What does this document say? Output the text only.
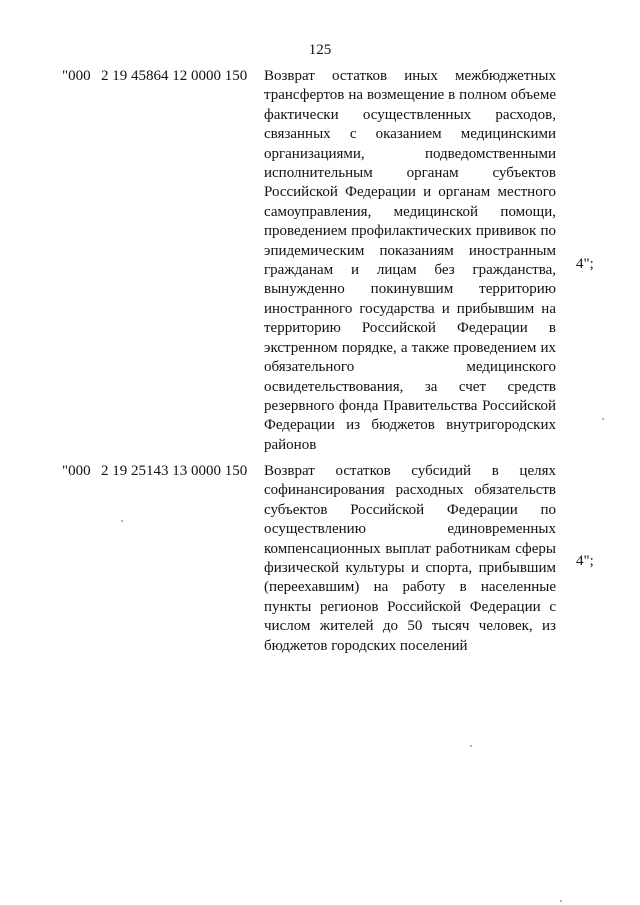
125
"000 2 19 45864 12 0000 150 Возврат остатков иных межбюджетных трансфертов на возмещение в полном объеме фактически осуществленных расходов, связанных с оказанием медицинскими организациями, подведомственными исполнительным органам субъектов Российской Федерации и органам местного самоуправления, медицинской помощи, проведением профилактических прививок по эпидемическим показаниям иностранным гражданам и лицам без гражданства, вынужденно покинувшим территорию иностранного государства и прибывшим на территорию Российской Федерации в экстренном порядке, а также проведением их обязательного медицинского освидетельствования, за счет средств резервного фонда Правительства Российской Федерации из бюджетов внутригородских районов
4";
"000 2 19 25143 13 0000 150 Возврат остатков субсидий в целях софинансирования расходных обязательств субъектов Российской Федерации по осуществлению единовременных компенсационных выплат работникам сферы физической культуры и спорта, прибывшим (переехавшим) на работу в населенные пункты регионов Российской Федерации с числом жителей до 50 тысяч человек, из бюджетов городских поселений
4";
